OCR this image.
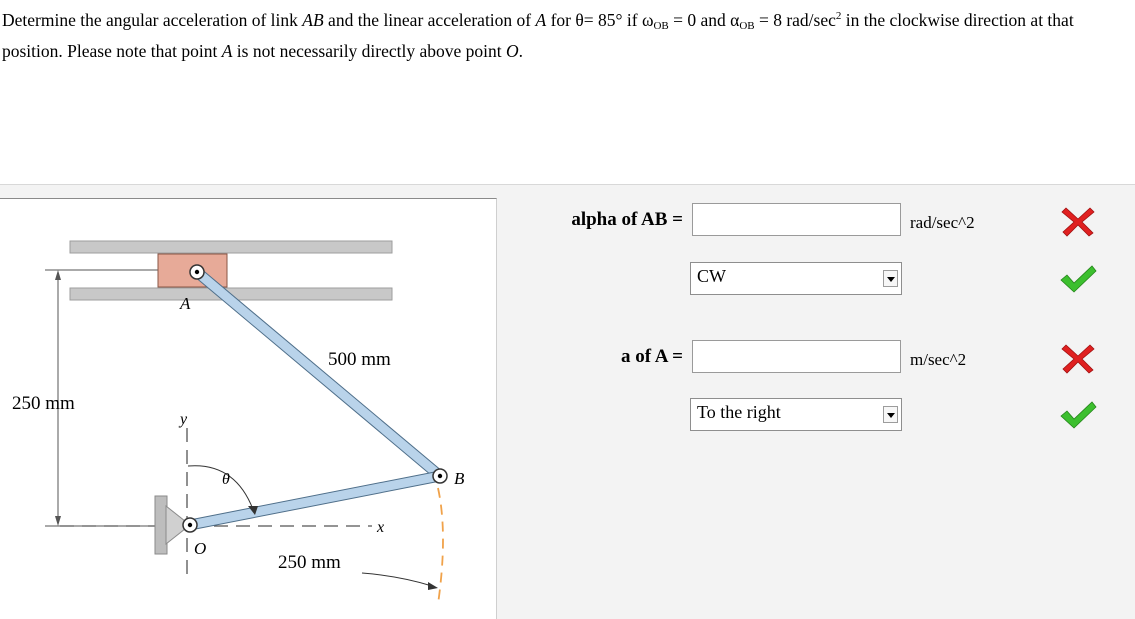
Determine the angular acceleration of link AB and the linear acceleration of A for θ= 85° if $\omega_{OB} = 0$ and $\alpha_{OB} = 8$ rad/$\sec^2$ in the clockwise direction at that position. Please note that point A is not necessarily directly above point O.
A
B
O
x
y
θ
250 mm
500 mm
250 mm
alpha of AB =	rad/sec^2
CW
a of A =	m/sec^2
To the right
